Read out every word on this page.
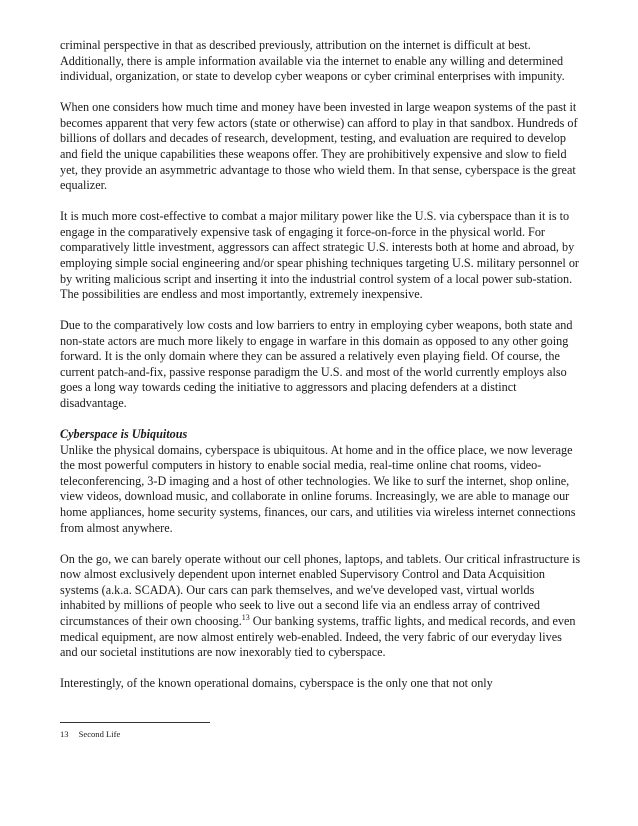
criminal perspective in that as described previously, attribution on the internet is difficult at best. Additionally, there is ample information available via the internet to enable any willing and determined individual, organization, or state to develop cyber weapons or cyber criminal enterprises with impunity.

When one considers how much time and money have been invested in large weapon systems of the past it becomes apparent that very few actors (state or otherwise) can afford to play in that sandbox. Hundreds of billions of dollars and decades of research, development, testing, and evaluation are required to develop and field the unique capabilities these weapons offer. They are prohibitively expensive and slow to field yet, they provide an asymmetric advantage to those who wield them. In that sense, cyberspace is the great equalizer.

It is much more cost-effective to combat a major military power like the U.S. via cyberspace than it is to engage in the comparatively expensive task of engaging it force-on-force in the physical world. For comparatively little investment, aggressors can affect strategic U.S. interests both at home and abroad, by employing simple social engineering and/or spear phishing techniques targeting U.S. military personnel or by writing malicious script and inserting it into the industrial control system of a local power sub-station. The possibilities are endless and most importantly, extremely inexpensive.

Due to the comparatively low costs and low barriers to entry in employing cyber weapons, both state and non-state actors are much more likely to engage in warfare in this domain as opposed to any other going forward. It is the only domain where they can be assured a relatively even playing field. Of course, the current patch-and-fix, passive response paradigm the U.S. and most of the world currently employs also goes a long way towards ceding the initiative to aggressors and placing defenders at a distinct disadvantage.

Cyberspace is Ubiquitous

Unlike the physical domains, cyberspace is ubiquitous. At home and in the office place, we now leverage the most powerful computers in history to enable social media, real-time online chat rooms, video-teleconferencing, 3-D imaging and a host of other technologies. We like to surf the internet, shop online, view videos, download music, and collaborate in online forums. Increasingly, we are able to manage our home appliances, home security systems, finances, our cars, and utilities via wireless internet connections from almost anywhere.

On the go, we can barely operate without our cell phones, laptops, and tablets. Our critical infrastructure is now almost exclusively dependent upon internet enabled Supervisory Control and Data Acquisition systems (a.k.a. SCADA). Our cars can park themselves, and we've developed vast, virtual worlds inhabited by millions of people who seek to live out a second life via an endless array of contrived circumstances of their own choosing.$^{13}$ Our banking systems, traffic lights, and medical records, and even medical equipment, are now almost entirely web-enabled. Indeed, the very fabric of our everyday lives and our societal institutions are now inexorably tied to cyberspace.

Interestingly, of the known operational domains, cyberspace is the only one that not only

13 Second Life
